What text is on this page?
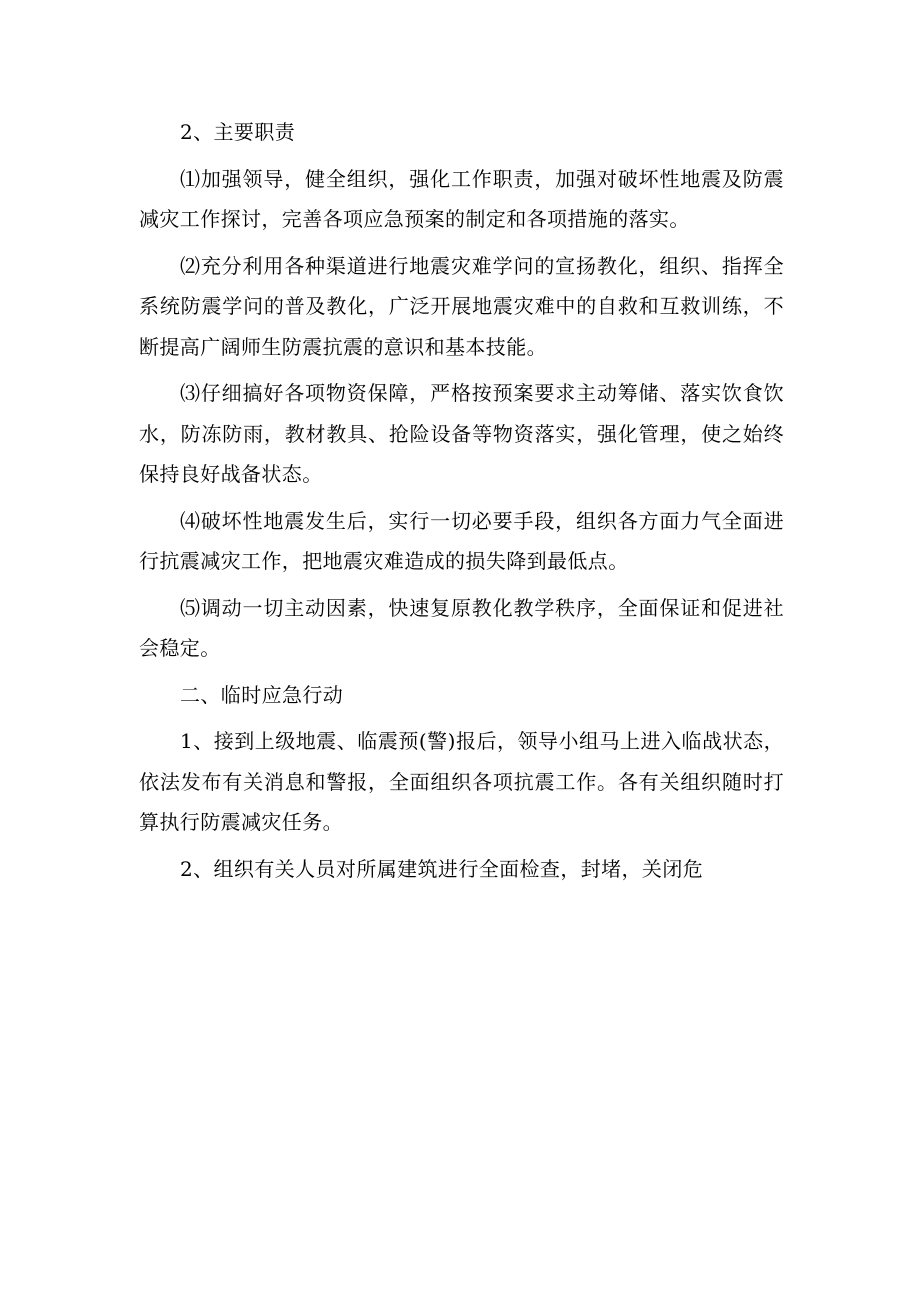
2、主要职责

⑴加强领导，健全组织，强化工作职责，加强对破坏性地震及防震减灾工作探讨，完善各项应急预案的制定和各项措施的落实。

⑵充分利用各种渠道进行地震灾难学问的宣扬教化，组织、指挥全系统防震学问的普及教化，广泛开展地震灾难中的自救和互救训练，不断提高广阔师生防震抗震的意识和基本技能。

⑶仔细搞好各项物资保障，严格按预案要求主动筹储、落实饮食饮水，防冻防雨，教材教具、抢险设备等物资落实，强化管理，使之始终保持良好战备状态。

⑷破坏性地震发生后，实行一切必要手段，组织各方面力气全面进行抗震减灾工作，把地震灾难造成的损失降到最低点。

⑸调动一切主动因素，快速复原教化教学秩序，全面保证和促进社会稳定。

二、临时应急行动

1、接到上级地震、临震预(警)报后，领导小组马上进入临战状态，依法发布有关消息和警报，全面组织各项抗震工作。各有关组织随时打算执行防震减灾任务。

2、组织有关人员对所属建筑进行全面检查，封堵，关闭危
